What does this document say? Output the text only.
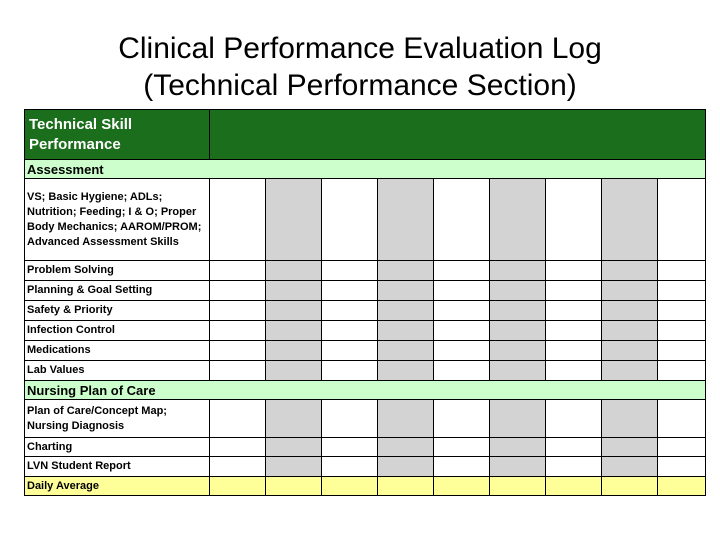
Clinical Performance Evaluation Log
(Technical Performance Section)
Technical Skill Performance									
Assessment									
VS; Basic Hygiene; ADLs; Nutrition; Feeding; I & O; Proper Body Mechanics; AAROM/PROM; Advanced Assessment Skills									
Problem Solving									
Planning & Goal Setting									
Safety & Priority									
Infection Control									
Medications									
Lab Values									
Nursing Plan of Care									
Plan of Care/Concept Map; Nursing Diagnosis									
Charting									
LVN Student Report									
Daily Average									
